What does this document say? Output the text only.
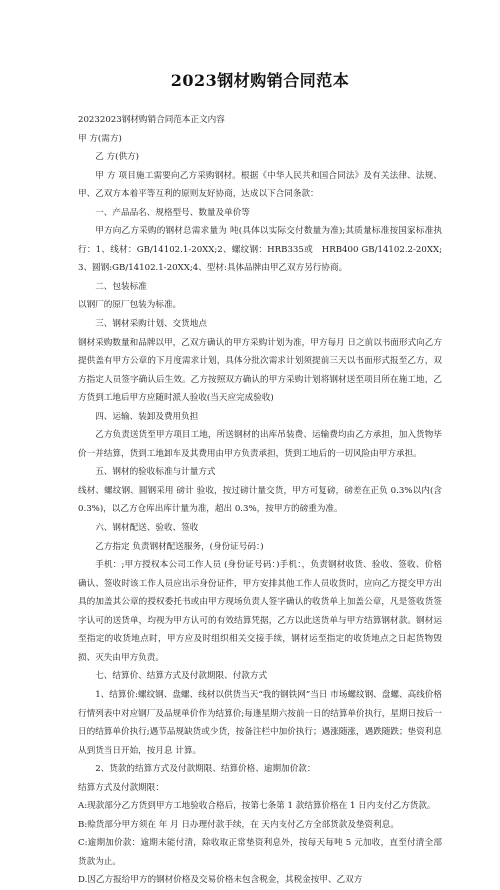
2023钢材购销合同范本

20232023钢材购销合同范本正文内容

甲 方(需方)

乙 方(供方)

甲 方 项目施工需要向乙方采购钢材。根据《中华人民共和国合同法》及有关法律、法规、甲、乙双方本着平等互利的原则友好协商，达成以下合同条款：

一、产品品名、规格型号、数量及单价等

甲方向乙方采购的钢材总需求量为 吨(具体以实际交付数量为准);其质量标准按国家标准执行：1、线材：GB/14102.1-20XX;2、螺纹钢：HRB335或　HRB400 GB/14102.2-20XX;3、圆钢:GB/14102.1-20XX;4、型材:具体品牌由甲乙双方另行协商。

二、包装标准

以钢厂的原厂包装为标准。

三、钢材采购计划、交货地点

钢材采购数量和品牌以甲，乙双方确认的甲方采购计划为准，甲方每月 日之前以书面形式向乙方提供盖有甲方公章的下月度需求计划，具体分批次需求计划须提前三天以书面形式报至乙方，双方指定人员签字确认后生效。乙方按照双方确认的甲方采购计划将钢材送至项目所在施工地，乙方货到工地后甲方应随时派人验收(当天应完成验收)

四、运输、装卸及费用负担

乙方负责送货至甲方项目工地，所送钢材的出库吊装费、运输费均由乙方承担，加入货物毕价一并结算，货到工地卸车及其费用由甲方负责承担，货到工地后的一切风险由甲方承担。

五、钢材的验收标准与计量方式

线材、螺纹钢、圆钢采用 磅计 验收，按过磅计量交货，甲方可复磅，磅差在正负 0.3%以内(含 0.3%)，以乙方仓库出库计量为准，超出 0.3%，按甲方的磅重为准。

六、钢材配送、验收、签收

乙方指定 负责钢材配送服务，(身份证号码：)

手机：;甲方授权本公司工作人员 (身份证号码：)手机：，负责钢材收货、验收、签收、价格确认、签收时该工作人员应出示身份证件，甲方安排其他工作人员收货时，应向乙方提交甲方出具的加盖其公章的授权委托书或由甲方现场负责人签字确认的收货单上加盖公章，凡是签收货签字认可的送货单，均视为甲方认可的有效结算凭据，乙方以此送货单与甲方结算钢材款。钢材运至指定的收货地点时，甲方应及时组织相关交接手续，钢材运至指定的收货地点之日起货物毁损、灭失由甲方负责。

七、结算价、结算方式及付款期限、付款方式

1、结算价:螺纹钢、盘螺、线材以供货当天“我的钢铁网”当日 市场螺纹钢、盘螺、高线价格行情列表中对应钢厂及品规单价作为结算价;每逢星期六按前一日的结算单价执行，星期日按后一日的结算单价执行;遇节品规缺货或少货，按备注栏中加价执行；遇涨随涨，遇跌随跌；垫资利息从到货当日开始，按月息 计算。

2、货款的结算方式及付款期限、结算价格、逾期加价款：

结算方式及付款期限：

A:现款部分乙方货到甲方工地验收合格后，按第七条第 1 款结算价格在 1 日内支付乙方货款。

B:赊货部分甲方须在 年 月 日办理付款手续，在 天内支付乙方全部货款及垫资利息。

C:逾期加价款：逾期未能付清，除收取正常垫资利息外，按每天每吨 5 元加收，直至付清全部货款为止。

D.因乙方报给甲方的钢材价格及交易价格未包含税金，其税金按甲、乙双方
